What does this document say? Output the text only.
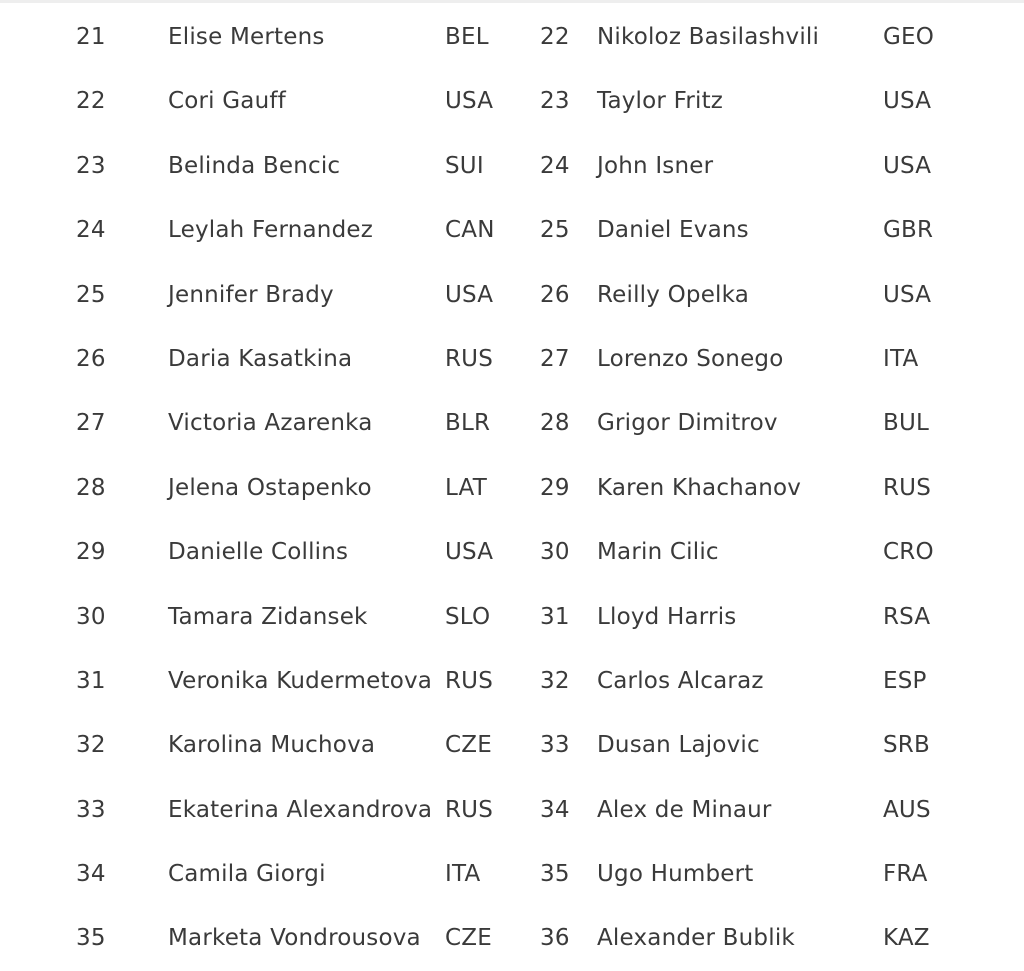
21	Elise Mertens	BEL 22 Nikoloz Basilashvili	GEO
22	Cori Gauff	USA 23 Taylor Fritz	USA
23	Belinda Bencic	SUI 24 John Isner	USA
24	Leylah Fernandez	CAN 25 Daniel Evans	GBR
25	Jennifer Brady	USA 26 Reilly Opelka	USA
26	Daria Kasatkina	RUS 27 Lorenzo Sonego	ITA
27	Victoria Azarenka	BLR 28 Grigor Dimitrov	BUL
28	Jelena Ostapenko	LAT 29 Karen Khachanov	RUS
29	Danielle Collins	USA 30 Marin Cilic	CRO
30	Tamara Zidansek	SLO 31 Lloyd Harris	RSA
31	Veronika Kudermetova RUS 32 Carlos Alcaraz	ESP
32	Karolina Muchova	CZE 33 Dusan Lajovic	SRB
33	Ekaterina Alexandrova RUS 34 Alex de Minaur	AUS
34	Camila Giorgi	ITA	35 Ugo Humbert	FRA
35	Marketa Vondrousova CZE 36 Alexander Bublik	KAZ
